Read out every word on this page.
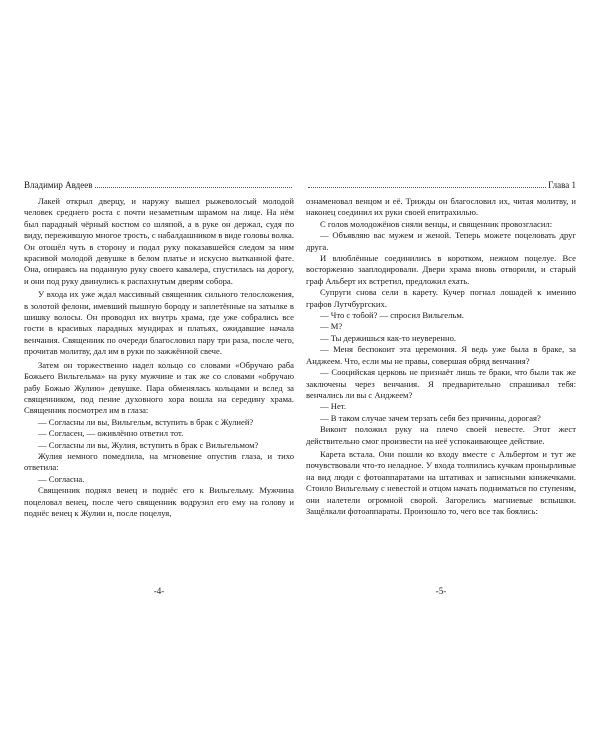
Владимир Авдеев

Лакей открыл дверцу, и наружу вышел рыжеволосый молодой человек среднего роста с почти незаметным шрамом на лице. На нём был парадный чёрный костюм со шляпой, а в руке он держал, судя по виду, пережившую многое трость, с набалдашником в виде головы волка. Он отошёл чуть в сторону и подал руку показавшейся следом за ним красивой молодой девушке в белом платье и искусно вытканной фате. Она, опираясь на поданную руку своего кавалера, спустилась на дорогу, и они под руку двинулись к распахнутым дверям собора.

У входа их уже ждал массивный священник сильного телосложения, в золотой фелони, имевший пышную бороду и заплетённые на затылке в шишку волосы. Он проводил их внутрь храма, где уже собрались все гости в красивых парадных мундирах и платьях, ожидавшие начала венчания. Священник по очереди благословил пару три раза, после чего, прочитав молитву, дал им в руки по зажжённой свече.

Затем он торжественно надел кольцо со словами «Обручаю раба Божьего Вильгельма» на руку мужчине и так же со словами «обручаю рабу Божью Жулию» девушке. Пара обменялась кольцами и вслед за священником, под пение духовного хора вошла на середину храма. Священник посмотрел им в глаза:

— Согласны ли вы, Вильгельм, вступить в брак с Жулией?

— Согласен, — оживлённо ответил тот.

— Согласны ли вы, Жулия, вступить в брак с Вильгельмом?

Жулия немного помедлила, на мгновение опустив глаза, и тихо ответила:

— Согласна.

Священник поднял венец и поднёс его к Вильгельму. Мужчина поцеловал венец, после чего священник водрузил его ему на голову и поднёс венец к Жулии и, после поцелуя,

-4-
Глава 1

ознаменовал венцом и её. Трижды он благословил их, читая молитву, и наконец соединил их руки своей епитрахилью.

С голов молодожёнов сняли венцы, и священник провозгласил:

— Объявляю вас мужем и женой. Теперь можете поцеловать друг друга.

И влюблённые соединились в коротком, нежном поцелуе. Все восторженно зааплодировали. Двери храма вновь отворили, и старый граф Альберт их встретил, предложил ехать.

Супруги снова сели в карету. Кучер погнал лошадей к имению графов Лутчбургских.

— Что с тобой? — спросил Вильгельм.

— М?

— Ты держишься как-то неуверенно.

— Меня беспокоит эта церемония. Я ведь уже была в браке, за Анджеем. Что, если мы не правы, совершая обряд венчания?

— Сооцийская церковь не признаёт лишь те браки, что были так же заключены через венчания. Я предварительно спрашивал тебя: венчались ли вы с Анджеем?

— Нет.

— В таком случае зачем терзать себя без причины, дорогая?

Виконт положил руку на плечо своей невесте. Этот жест действительно смог произвести на неё успокаивающее действие.

Карета встала. Они пошли ко входу вместе с Альбертом и тут же почувствовали что-то неладное. У входа толпились кучкам пронырливые на вид люди с фотоаппаратами на штативах и записными книжечками. Стоило Вильгельму с невестой и отцом начать подниматься по ступеням, они налетели огромной сворой. Загорелись магниевые вспышки. Защёлкали фотоаппараты. Произошло то, чего все так боялись:

-5-
